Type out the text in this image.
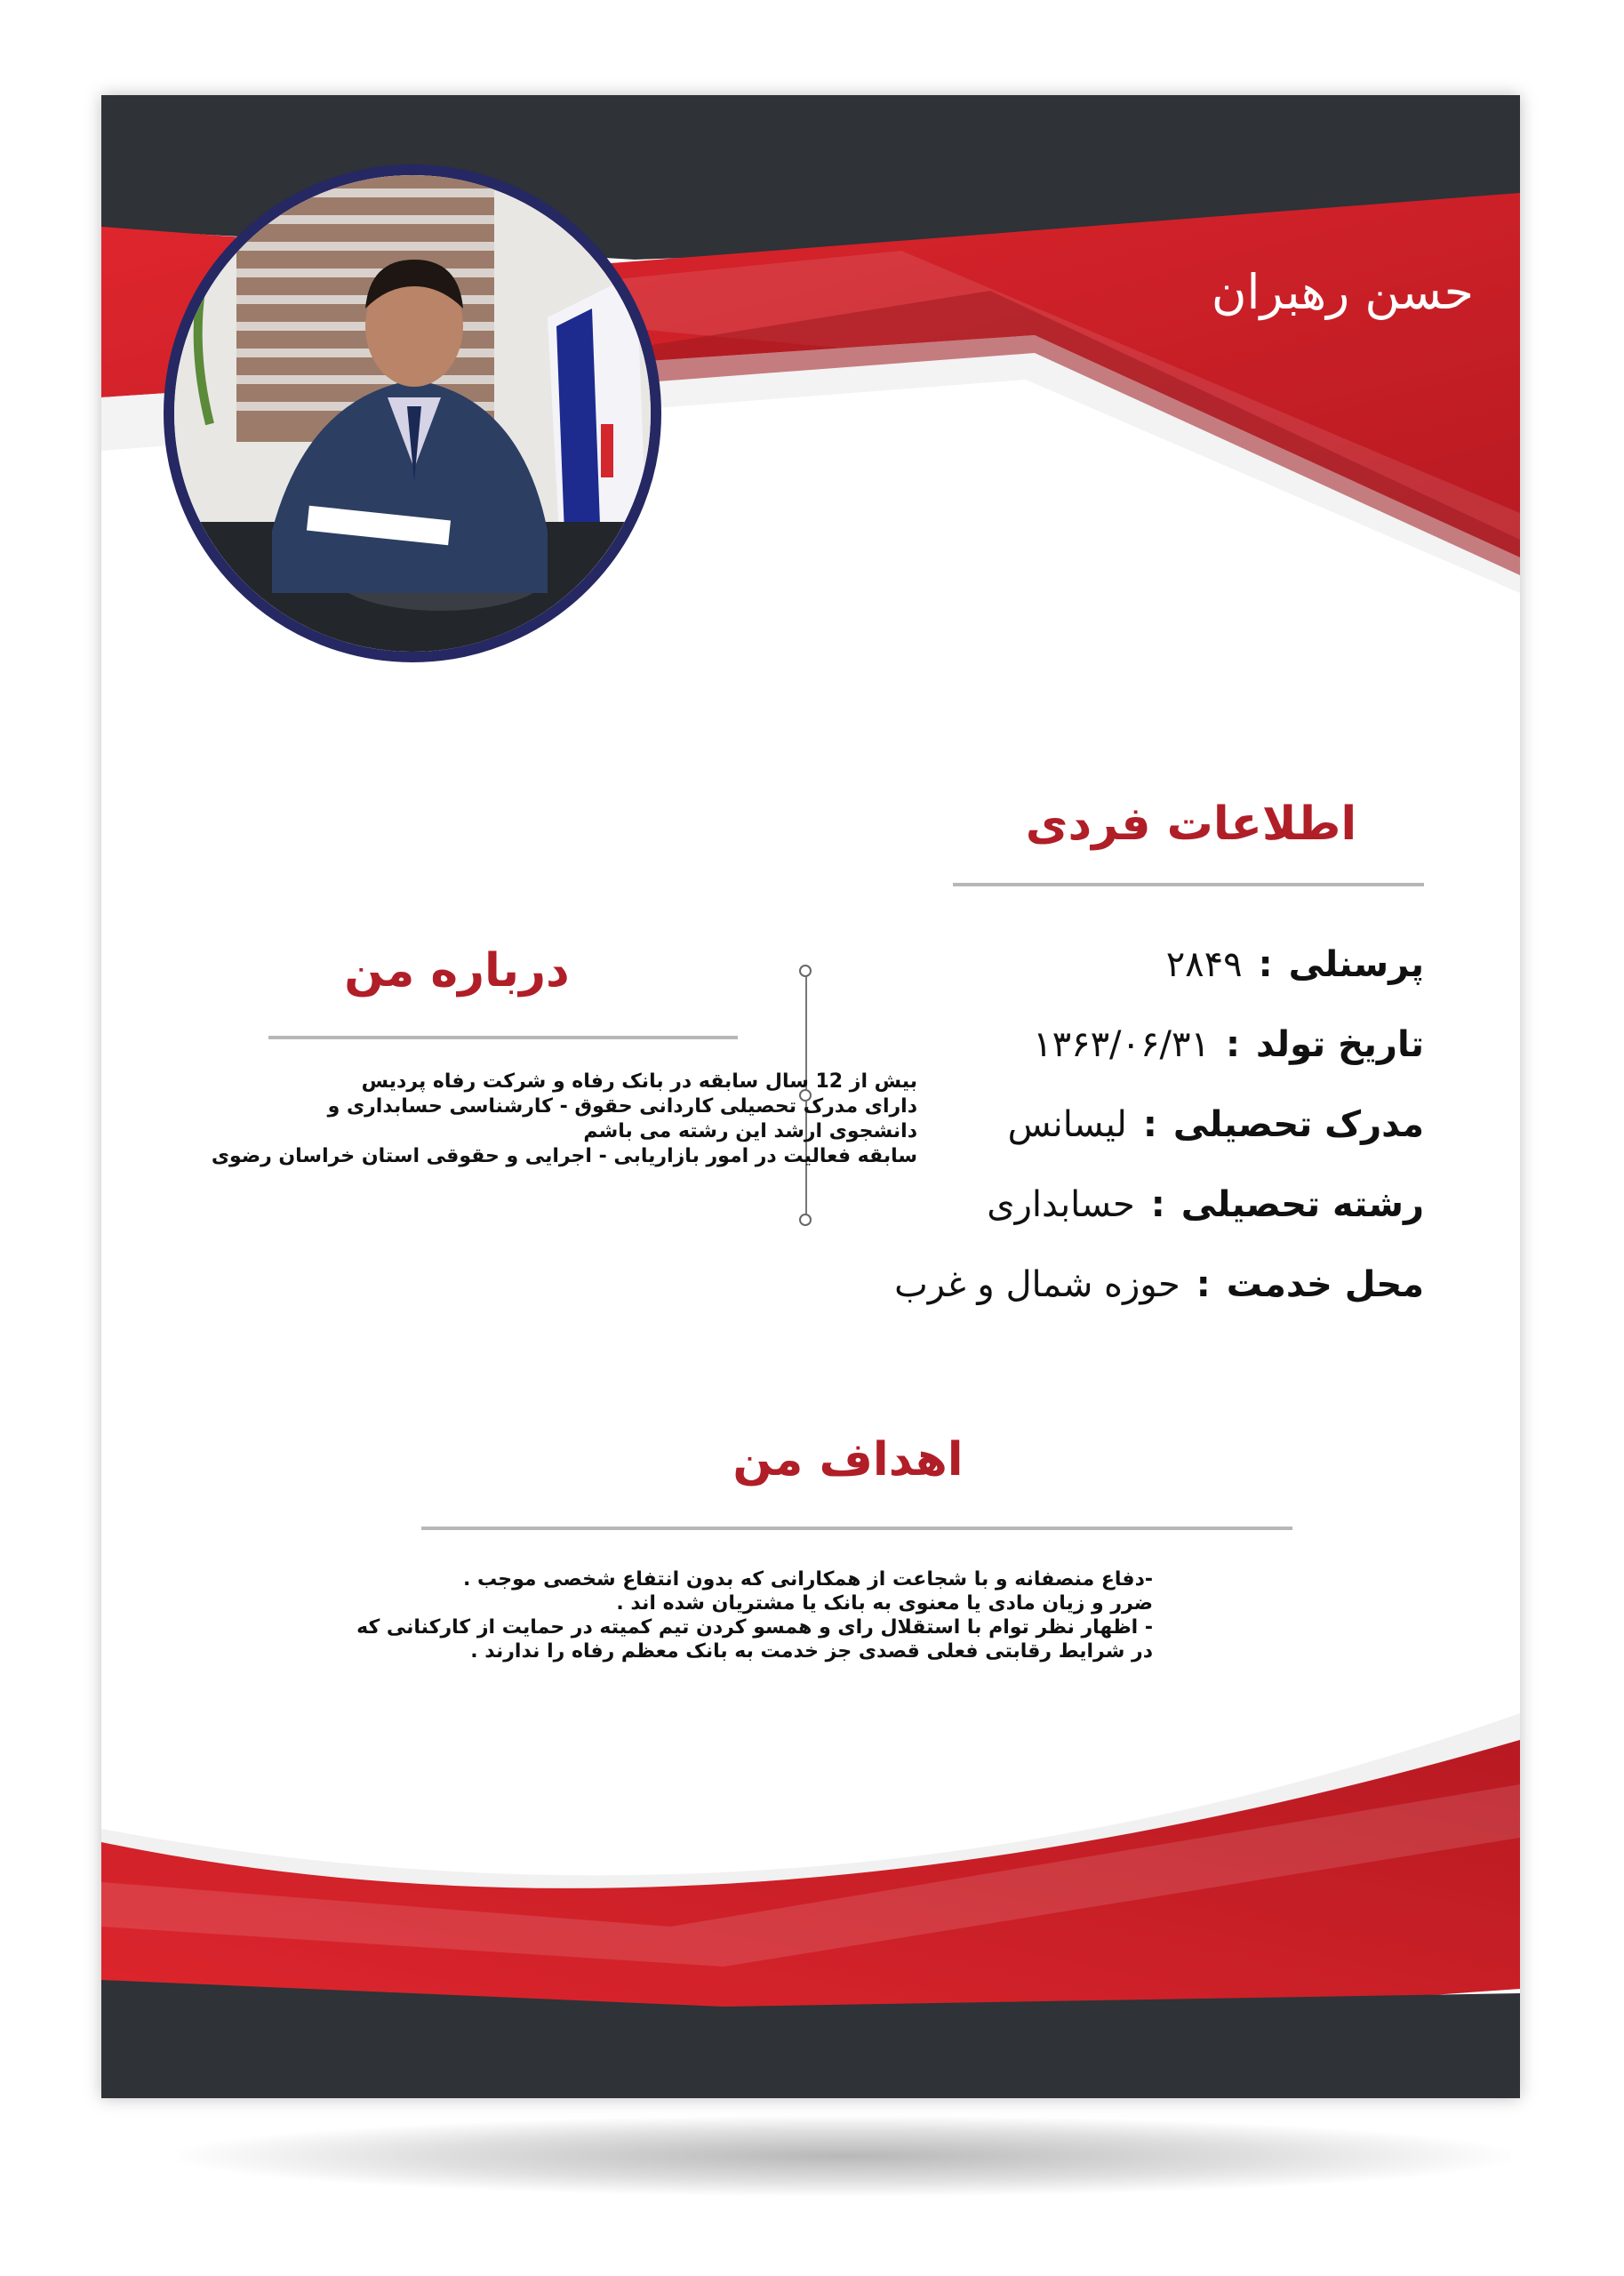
حسن رهبران
اطلاعات فردی
پرسنلی:۲۸۴۹
تاریخ تولد:۱۳۶۳/۰۶/۳۱
مدرک تحصیلی:لیسانس
رشته تحصیلی:حسابداری
محل خدمت:حوزه شمال و غرب
درباره من
بیش از 12 سال سابقه در بانک رفاه و شرکت رفاه پردیس
دارای مدرک تحصیلی کاردانی حقوق - کارشناسی حسابداری و
دانشجوی ارشد این رشته می باشم
سابقه فعالیت در امور بازاریابی - اجرایی و حقوقی استان خراسان رضوی
اهداف من
-دفاع منصفانه و با شجاعت از همکارانی که بدون انتفاع شخصی موجب .
ضرر و زیان مادی یا معنوی به بانک یا مشتریان شده اند .
- اظهار نظر توام با استقلال رای و همسو کردن تیم کمیته در حمایت از کارکنانی که
در شرایط رقابتی فعلی قصدی جز خدمت به بانک معظم رفاه را ندارند .
